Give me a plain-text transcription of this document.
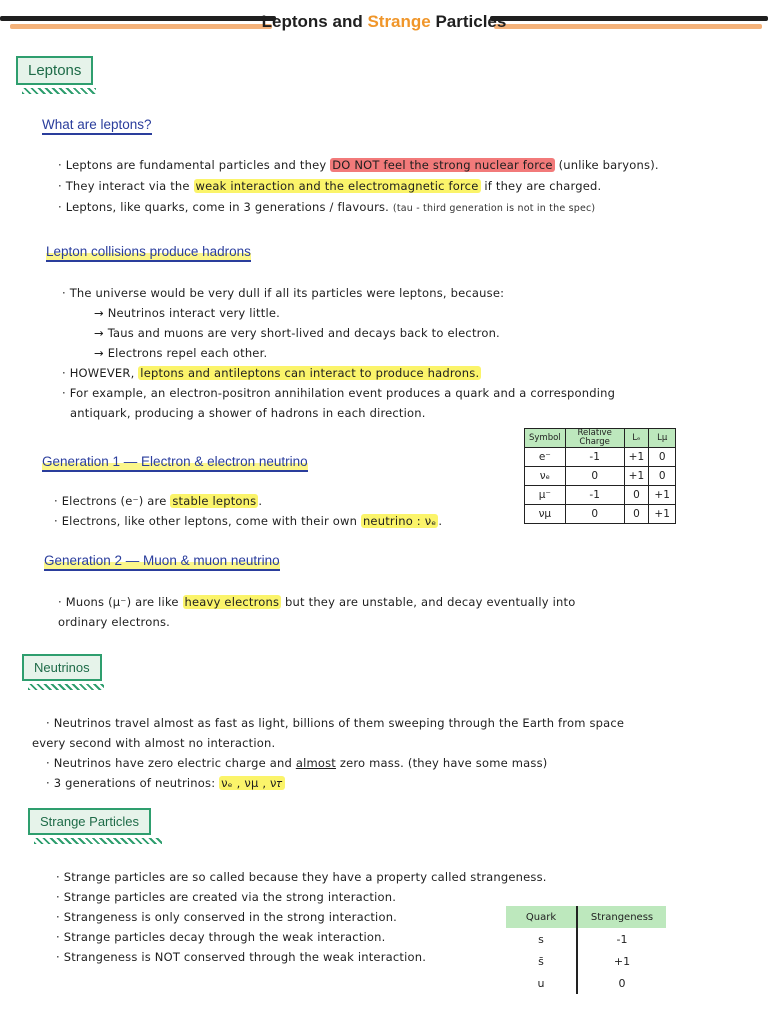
Leptons and Strange Particles
Leptons
What are leptons?
· Leptons are fundamental particles and they DO NOT feel the strong nuclear force (unlike baryons).
· They interact via the weak interaction and the electromagnetic force if they are charged.
· Leptons, like quarks, come in 3 generations / flavours. (tau - third generation is not in the spec)
Lepton collisions produce hadrons
· The universe would be very dull if all its particles were leptons, because:
→ Neutrinos interact very little.
→ Taus and muons are very short-lived and decays back to electron.
→ Electrons repel each other.
· HOWEVER, leptons and antileptons can interact to produce hadrons.
· For example, an electron-positron annihilation event produces a quark and a corresponding
antiquark, producing a shower of hadrons in each direction.
Symbol	Relative Charge	Lₑ	Lμ
e⁻	-1	+1	0
νₑ	0	+1	0
μ⁻	-1	0	+1
νμ	0	0	+1
Generation 1 — Electron & electron neutrino
· Electrons (e⁻) are stable leptons .
· Electrons, like other leptons, come with their own neutrino : νₑ .
Generation 2 — Muon & muon neutrino
· Muons (μ⁻) are like heavy electrons but they are unstable, and decay eventually into
ordinary electrons.
Neutrinos
· Neutrinos travel almost as fast as light, billions of them sweeping through the Earth from space
every second with almost no interaction.
· Neutrinos have zero electric charge and almost zero mass. (they have some mass)
· 3 generations of neutrinos: νₑ , νμ , ν𝜏
Strange Particles
· Strange particles are so called because they have a property called strangeness.
· Strange particles are created via the strong interaction.
· Strangeness is only conserved in the strong interaction.
· Strange particles decay through the weak interaction.
· Strangeness is NOT conserved through the weak interaction.
Quark	Strangeness
s	-1
s̄	+1
u	0
